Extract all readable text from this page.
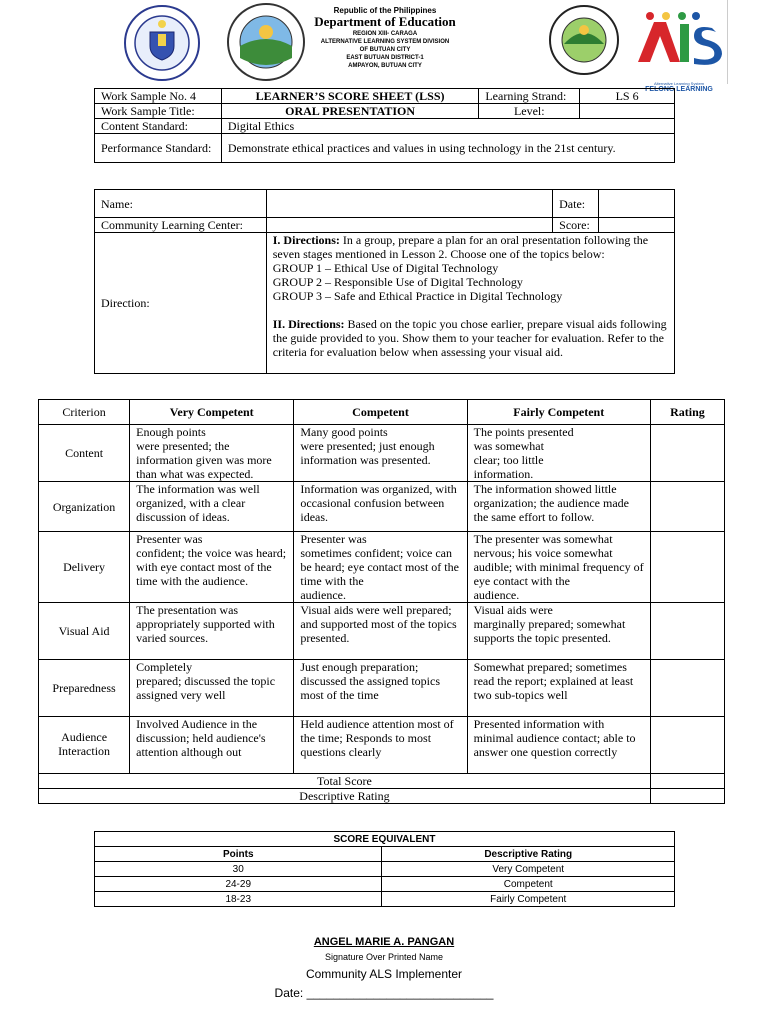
Republic of the Philippines
Department of Education
REGION XIII- CARAGA
ALTERNATIVE LEARNING SYSTEM DIVISION
OF BUTUAN CITY
EAST BUTUAN DISTRICT-1
AMPAYON, BUTUAN CITY
Alternative Learning System
FELONG LEARNING
Work Sample No. 4	LEARNER’S SCORE SHEET (LSS)	Learning Strand:	LS 6
Work Sample Title:	ORAL PRESENTATION	Level:	
Content Standard:	Digital Ethics		
Performance Standard:	Demonstrate ethical practices and values in using technology in the 21st century.		
Name:		Date:	
Community Learning Center:		Score:	
Direction:	I. Directions: In a group, prepare a plan for an oral presentation following the seven stages mentioned in Lesson 2. Choose one of the topics below:
GROUP 1 – Ethical Use of Digital Technology
GROUP 2 – Responsible Use of Digital Technology
GROUP 3 – Safe and Ethical Practice in Digital Technology
II. Directions: Based on the topic you chose earlier, prepare visual aids following the guide provided to you. Show them to your teacher for evaluation. Refer to the criteria for evaluation below when assessing your visual aid.		
Criterion	Very Competent	Competent	Fairly Competent	Rating
Content	Enough points
were presented; the information given was more than what was expected.	Many good points
were presented; just enough information was presented.	The points presented
was somewhat
clear; too little
information.	
Organization	The information was well organized, with a clear discussion of ideas.	Information was organized, with occasional confusion between ideas.	The information showed little organization; the audience made the same effort to follow.	
Delivery	Presenter was
confident; the voice was heard;
with eye contact most of the time with the audience.	Presenter was
sometimes confident; voice can be heard; eye contact most of the time with the
audience.	The presenter was somewhat nervous; his voice somewhat audible; with minimal frequency of eye contact with the
audience.	
Visual Aid	The presentation was appropriately supported with varied sources.	Visual aids were well prepared; and supported most of the topics presented.	Visual aids were
marginally prepared; somewhat supports the topic presented.	
Preparedness	Completely
prepared; discussed the topic assigned very well	Just enough preparation; discussed the assigned topics most of the time	Somewhat prepared; sometimes read the report; explained at least two sub-topics well	
Audience Interaction	Involved Audience in the discussion; held audience's attention although out	Held audience attention most of the time; Responds to most questions clearly	Presented information with minimal audience contact; able to answer one question correctly	
Total Score				
Descriptive Rating				
SCORE EQUIVALENT	
Points	Descriptive Rating
30	Very Competent
24-29	Competent
18-23	Fairly Competent
ANGEL MARIE A. PANGAN
Signature Over Printed Name
Community ALS Implementer
Date: ____________________________
